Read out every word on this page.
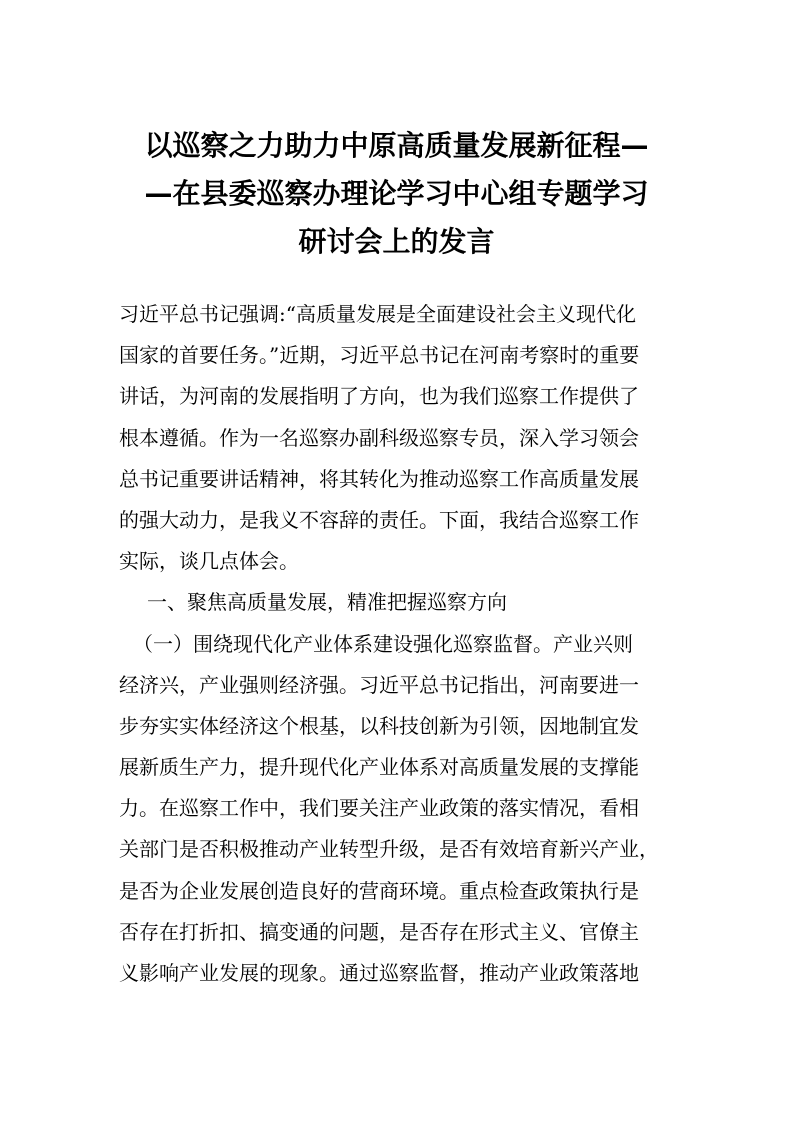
以巡察之力助力中原高质量发展新征程—
—在县委巡察办理论学习中心组专题学习
研讨会上的发言
习近平总书记强调:“高质量发展是全面建设社会主义现代化
国家的首要任务。”近期，习近平总书记在河南考察时的重要
讲话，为河南的发展指明了方向，也为我们巡察工作提供了
根本遵循。作为一名巡察办副科级巡察专员，深入学习领会
总书记重要讲话精神，将其转化为推动巡察工作高质量发展
的强大动力，是我义不容辞的责任。下面，我结合巡察工作
实际，谈几点体会。
一、聚焦高质量发展，精准把握巡察方向
（一）围绕现代化产业体系建设强化巡察监督。产业兴则
经济兴，产业强则经济强。习近平总书记指出，河南要进一
步夯实实体经济这个根基，以科技创新为引领，因地制宜发
展新质生产力，提升现代化产业体系对高质量发展的支撑能
力。在巡察工作中，我们要关注产业政策的落实情况，看相
关部门是否积极推动产业转型升级，是否有效培育新兴产业，
是否为企业发展创造良好的营商环境。重点检查政策执行是
否存在打折扣、搞变通的问题，是否存在形式主义、官僚主
义影响产业发展的现象。通过巡察监督，推动产业政策落地
